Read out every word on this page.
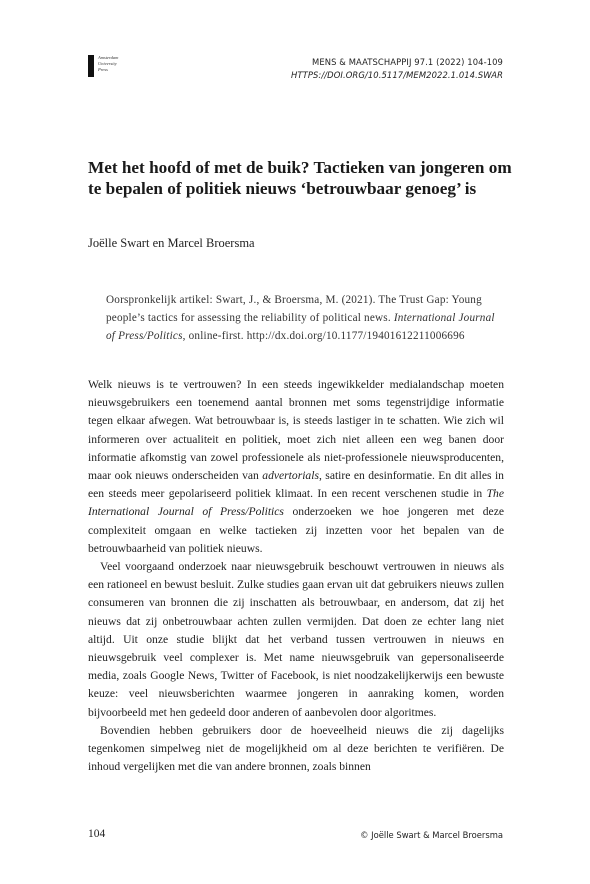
Amsterdam
University
Press
MENS & MAATSCHAPPIJ 97.1 (2022) 104-109
HTTPS://DOI.ORG/10.5117/MEM2022.1.014.SWAR
Met het hoofd of met de buik? Tactieken van jongeren om te bepalen of politiek nieuws ‘betrouwbaar genoeg’ is
Joëlle Swart en Marcel Broersma
Oorspronkelijk artikel: Swart, J., & Broersma, M. (2021). The Trust Gap: Young people’s tactics for assessing the reliability of political news. International Journal of Press/Politics, online-first. http://dx.doi.org/10.1177/19401612211006696

Welk nieuws is te vertrouwen? In een steeds ingewikkelder medialandschap moeten nieuwsgebruikers een toenemend aantal bronnen met soms tegenstrijdige informatie tegen elkaar afwegen. Wat betrouwbaar is, is steeds lastiger in te schatten. Wie zich wil informeren over actualiteit en politiek, moet zich niet alleen een weg banen door informatie afkomstig van zowel professionele als niet-professionele nieuwsproducenten, maar ook nieuws onderscheiden van advertorials, satire en desinformatie. En dit alles in een steeds meer gepolariseerd politiek klimaat. In een recent verschenen studie in The International Journal of Press/Politics onderzoeken we hoe jongeren met deze complexiteit omgaan en welke tactieken zij inzetten voor het bepalen van de betrouwbaarheid van politiek nieuws.

Veel voorgaand onderzoek naar nieuwsgebruik beschouwt vertrouwen in nieuws als een rationeel en bewust besluit. Zulke studies gaan ervan uit dat gebruikers nieuws zullen consumeren van bronnen die zij inschatten als betrouwbaar, en andersom, dat zij het nieuws dat zij onbetrouwbaar achten zullen vermijden. Dat doen ze echter lang niet altijd. Uit onze studie blijkt dat het verband tussen vertrouwen in nieuws en nieuwsgebruik veel complexer is. Met name nieuwsgebruik van gepersonaliseerde media, zoals Google News, Twitter of Facebook, is niet noodzakelijkerwijs een bewuste keuze: veel nieuwsberichten waarmee jongeren in aanraking komen, worden bijvoorbeeld met hen gedeeld door anderen of aanbevolen door algoritmes.

Bovendien hebben gebruikers door de hoeveelheid nieuws die zij dagelijks tegenkomen simpelweg niet de mogelijkheid om al deze berichten te verifiëren. De inhoud vergelijken met die van andere bronnen, zoals binnen

104	© Joëlle Swart & Marcel Broersma
